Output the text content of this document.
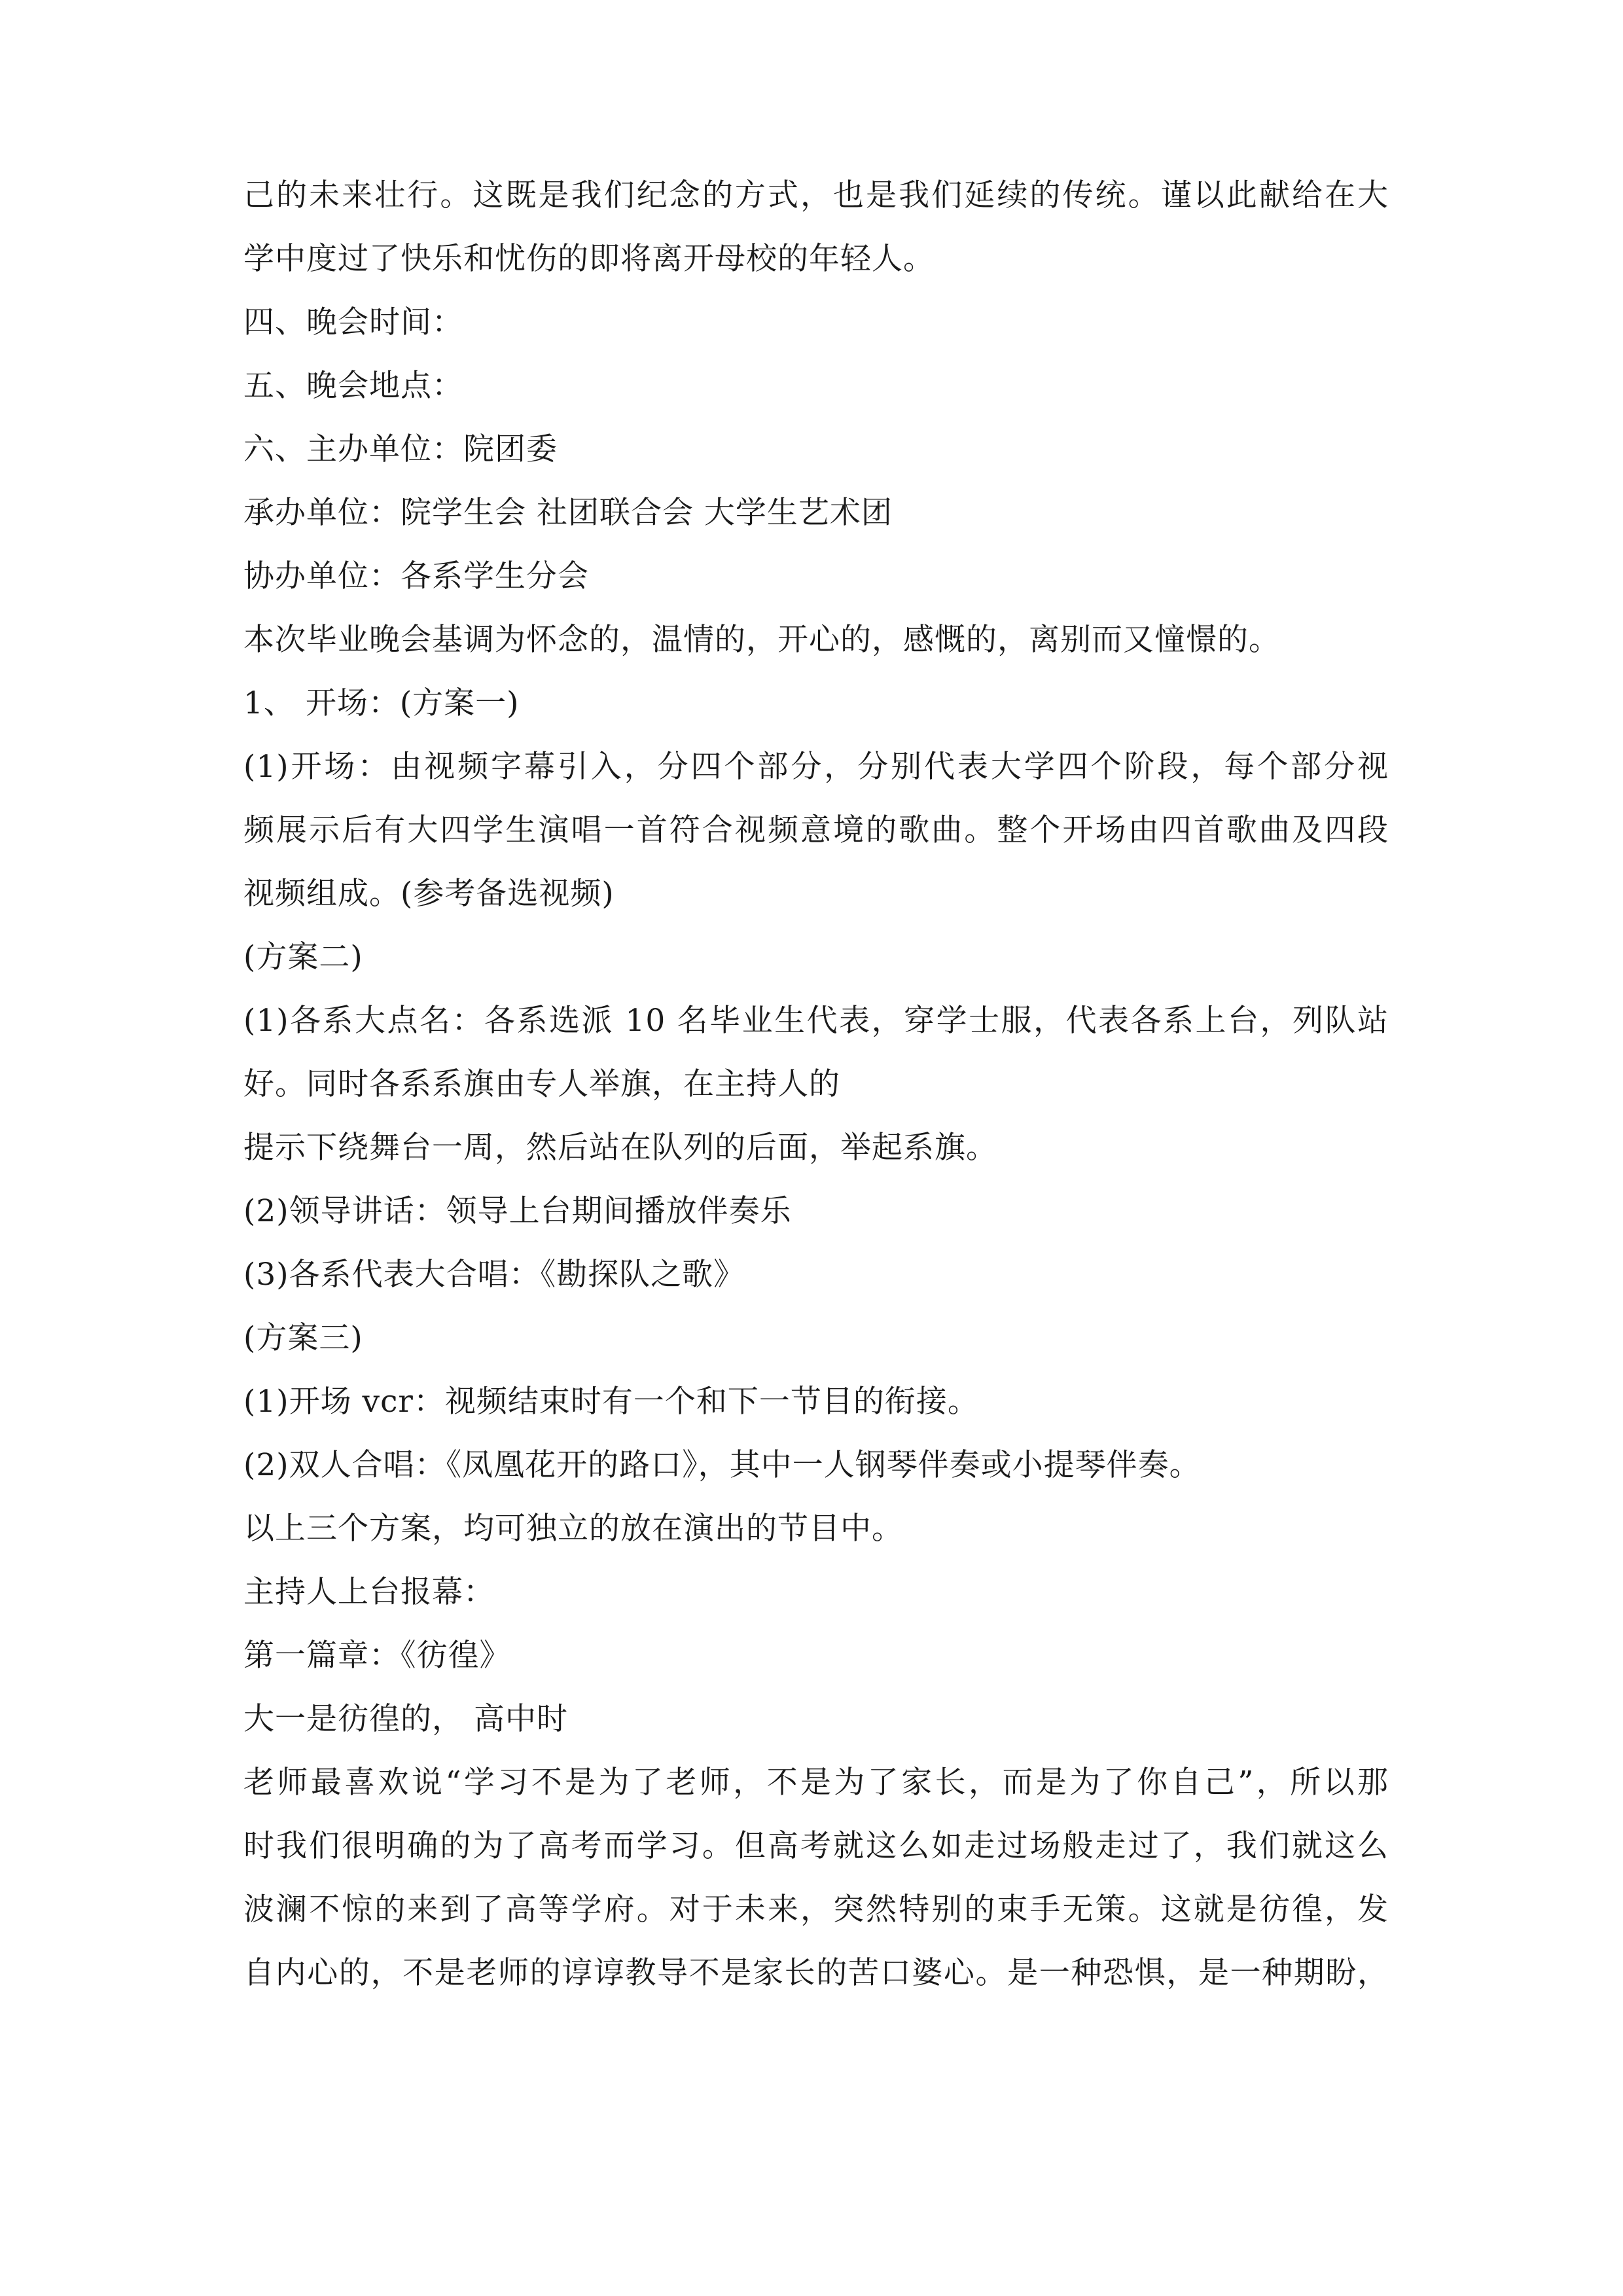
己的未来壮行。这既是我们纪念的方式，也是我们延续的传统。谨以此献给在大
学中度过了快乐和忧伤的即将离开母校的年轻人。
四、晚会时间：
五、晚会地点：
六、主办单位：院团委
承办单位：院学生会 社团联合会 大学生艺术团
协办单位：各系学生分会
本次毕业晚会基调为怀念的，温情的，开心的，感慨的，离别而又憧憬的。
1、 开场：(方案一)
(1)开场：由视频字幕引入，分四个部分，分别代表大学四个阶段，每个部分视
频展示后有大四学生演唱一首符合视频意境的歌曲。整个开场由四首歌曲及四段
视频组成。(参考备选视频)
(方案二)
(1)各系大点名：各系选派 10 名毕业生代表，穿学士服，代表各系上台，列队站
好。同时各系系旗由专人举旗，在主持人的
提示下绕舞台一周，然后站在队列的后面，举起系旗。
(2)领导讲话：领导上台期间播放伴奏乐
(3)各系代表大合唱：《勘探队之歌》
(方案三)
(1)开场 vcr：视频结束时有一个和下一节目的衔接。
(2)双人合唱：《凤凰花开的路口》，其中一人钢琴伴奏或小提琴伴奏。
以上三个方案，均可独立的放在演出的节目中。
主持人上台报幕：
第一篇章：《彷徨》
大一是彷徨的， 高中时
老师最喜欢说“学习不是为了老师，不是为了家长，而是为了你自己”，所以那
时我们很明确的为了高考而学习。但高考就这么如走过场般走过了，我们就这么
波澜不惊的来到了高等学府。对于未来，突然特别的束手无策。这就是彷徨，发
自内心的，不是老师的谆谆教导不是家长的苦口婆心。是一种恐惧，是一种期盼，
